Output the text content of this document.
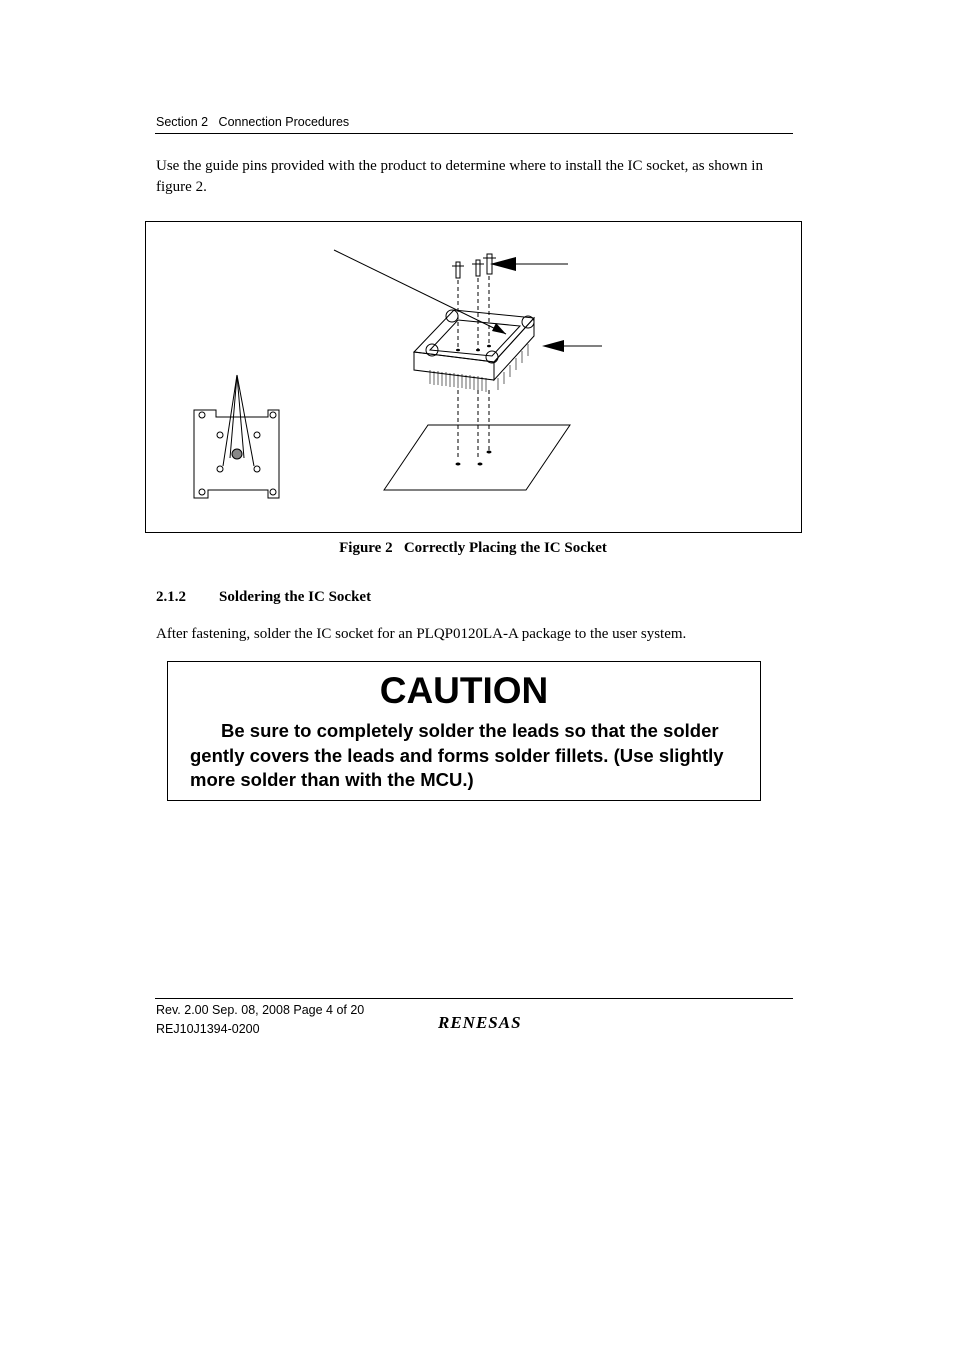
Section 2 Connection Procedures
Use the guide pins provided with the product to determine where to install the IC socket, as shown in figure 2.
Figure 2 Correctly Placing the IC Socket
2.1.2 Soldering the IC Socket
After fastening, solder the IC socket for an PLQP0120LA-A package to the user system.
CAUTION
Be sure to completely solder the leads so that the solder gently covers the leads and forms solder fillets. (Use slightly more solder than with the MCU.)
Rev. 2.00 Sep. 08, 2008 Page 4 of 20
REJ10J1394-0200	RENESAS
